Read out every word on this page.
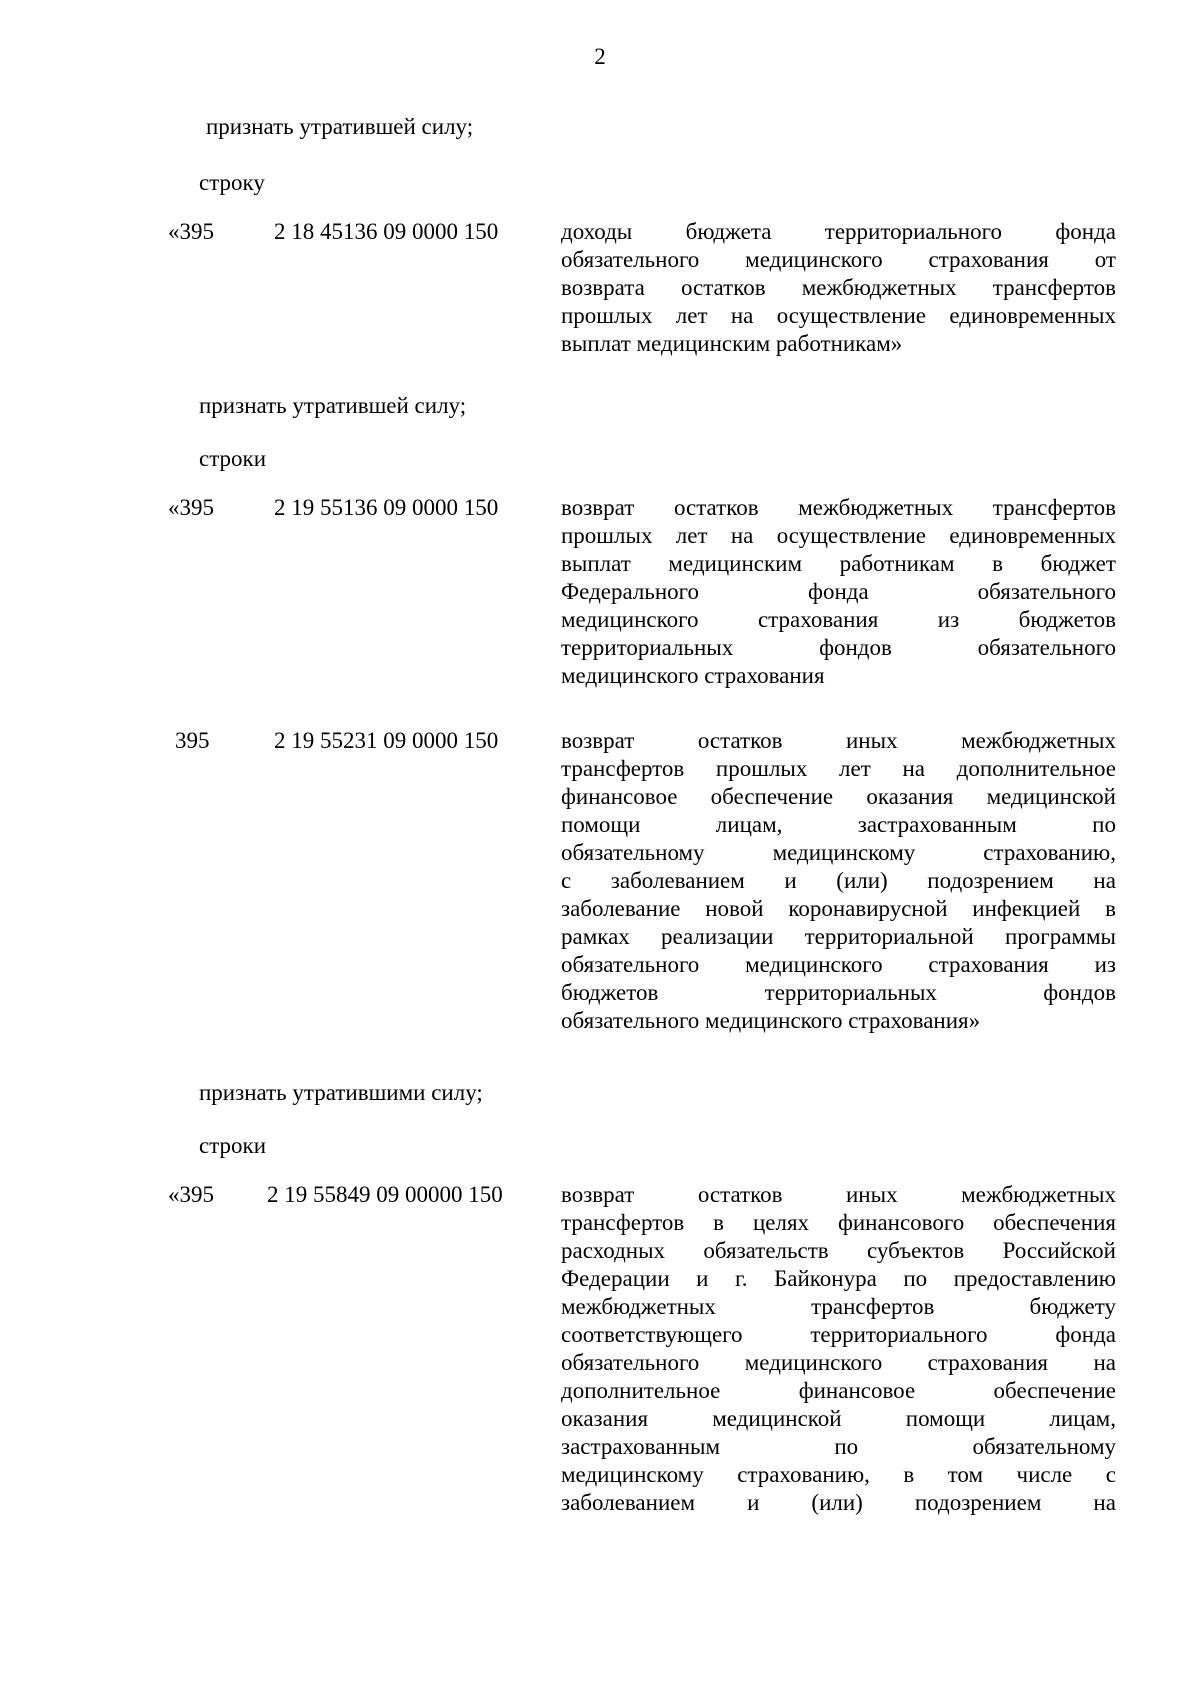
2
признать утратившей силу;
строку
«395	2 18 45136 09 0000 150	доходы бюджета территориального фонда
обязательного медицинского страхования от
возврата остатков межбюджетных трансфертов
прошлых лет на осуществление единовременных
выплат медицинским работникам»
признать утратившей силу;
строки
«395	2 19 55136 09 0000 150	возврат остатков межбюджетных трансфертов
прошлых лет на осуществление единовременных
выплат медицинским работникам в бюджет
Федерального	фонда	обязательного
медицинского	страхования	из	бюджетов
территориальных	фондов	обязательного
медицинского страхования
395	2 19 55231 09 0000 150	возврат	остатков	иных	межбюджетных
трансфертов прошлых лет на дополнительное
финансовое обеспечение оказания медицинской
помощи	лицам,	застрахованным	по
обязательному	медицинскому	страхованию,
с заболеванием и (или) подозрением на
заболевание новой коронавирусной инфекцией в
рамках реализации территориальной программы
обязательного медицинского страхования из
бюджетов	территориальных	фондов
обязательного медицинского страхования»
признать утратившими силу;
строки
«395 2 19 55849 09 00000 150	возврат	остатков	иных	межбюджетных
трансфертов в целях финансового обеспечения
расходных обязательств субъектов Российской
Федерации и г. Байконура по предоставлению
межбюджетных	трансфертов	бюджету
соответствующего	территориального	фонда
обязательного медицинского страхования на
дополнительное	финансовое	обеспечение
оказания	медицинской	помощи	лицам,
застрахованным	по	обязательному
медицинскому страхованию, в том числе с
заболеванием и (или) подозрением на
